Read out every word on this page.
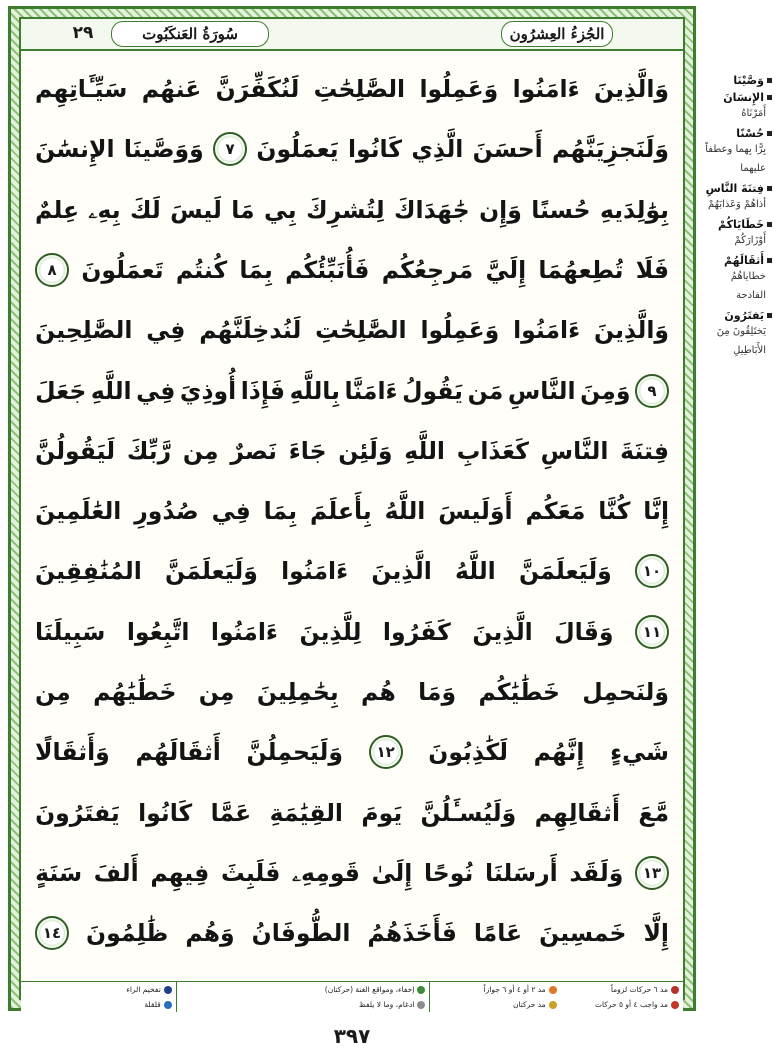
٢٩	سُورَةُ العَنكَبُوت	الجُزءُ العِشرُون
وَالَّذِينَ
ءَامَنُوا
وَعَمِلُوا
الصَّٰلِحَٰتِ
لَنُكَفِّرَنَّ
عَنهُم
سَيِّـَٔاتِهِم
وَلَنَجزِيَنَّهُم
أَحسَنَ
الَّذِي
كَانُوا
يَعمَلُونَ
٧
وَوَصَّينَا
الإِنسَٰنَ
بِوَٰلِدَيهِ
حُسنًا
وَإِن
جَٰهَدَاكَ
لِتُشرِكَ
بِي
مَا
لَيسَ
لَكَ
بِهِۦ
عِلمٌ
فَلَا
تُطِعهُمَا
إِلَيَّ
مَرجِعُكُم
فَأُنَبِّئُكُم
بِمَا
كُنتُم
تَعمَلُونَ
٨
وَالَّذِينَ
ءَامَنُوا
وَعَمِلُوا
الصَّٰلِحَٰتِ
لَنُدخِلَنَّهُم
فِي
الصَّٰلِحِينَ
٩
وَمِنَ
النَّاسِ
مَن
يَقُولُ
ءَامَنَّا
بِاللَّهِ
فَإِذَا
أُوذِيَ
فِي
اللَّهِ
جَعَلَ
فِتنَةَ
النَّاسِ
كَعَذَابِ
اللَّهِ
وَلَئِن
جَاءَ
نَصرٌ
مِن
رَّبِّكَ
لَيَقُولُنَّ
إِنَّا
كُنَّا
مَعَكُم
أَوَلَيسَ
اللَّهُ
بِأَعلَمَ
بِمَا
فِي
صُدُورِ
العَٰلَمِينَ
١٠
وَلَيَعلَمَنَّ
اللَّهُ
الَّذِينَ
ءَامَنُوا
وَلَيَعلَمَنَّ
المُنَٰفِقِينَ
١١
وَقَالَ
الَّذِينَ
كَفَرُوا
لِلَّذِينَ
ءَامَنُوا
اتَّبِعُوا
سَبِيلَنَا
وَلنَحمِل
خَطَٰيَٰكُم
وَمَا
هُم
بِحَٰمِلِينَ
مِن
خَطَٰيَٰهُم
مِن
شَيءٍ
إِنَّهُم
لَكَٰذِبُونَ
١٢
وَلَيَحمِلُنَّ
أَثقَالَهُم
وَأَثقَالًا
مَّعَ
أَثقَالِهِم
وَلَيُسـَٔلُنَّ
يَومَ
القِيَٰمَةِ
عَمَّا
كَانُوا
يَفتَرُونَ
١٣
وَلَقَد
أَرسَلنَا
نُوحًا
إِلَىٰ
قَومِهِۦ
فَلَبِثَ
فِيهِم
أَلفَ
سَنَةٍ
إِلَّا
خَمسِينَ
عَامًا
فَأَخَذَهُمُ
الطُّوفَانُ
وَهُم
ظَٰلِمُونَ
١٤
مد ٦ حركات لزوماً
مد ٢ أو ٤ أو ٦ جوازاً
مد واجب ٤ أو ٥ حركات
مد حركتان
إخفاء، ومواقع الغنة (حركتان)
ادغام، وما لا يلفظ
تفخيم الراء
قلقلة
٣٩٧
وَصَّيْنَا
الإِنسَانَ
أَمَرْنَاهُ
حُسْنًا
بِرًّا بِهما وعطفاً عليهما
فِتنَةَ النَّاسِ
أذاهُمْ وَعَذابَهُمْ
خَطَايَاكُمْ
أَوْزَارَكُمْ
أَثقَالَهُمْ
خطاياهُمُ الفادحة
يَفتَرُونَ
يَختَلِقُونَ مِنَ الأَبَاطِيلِ
